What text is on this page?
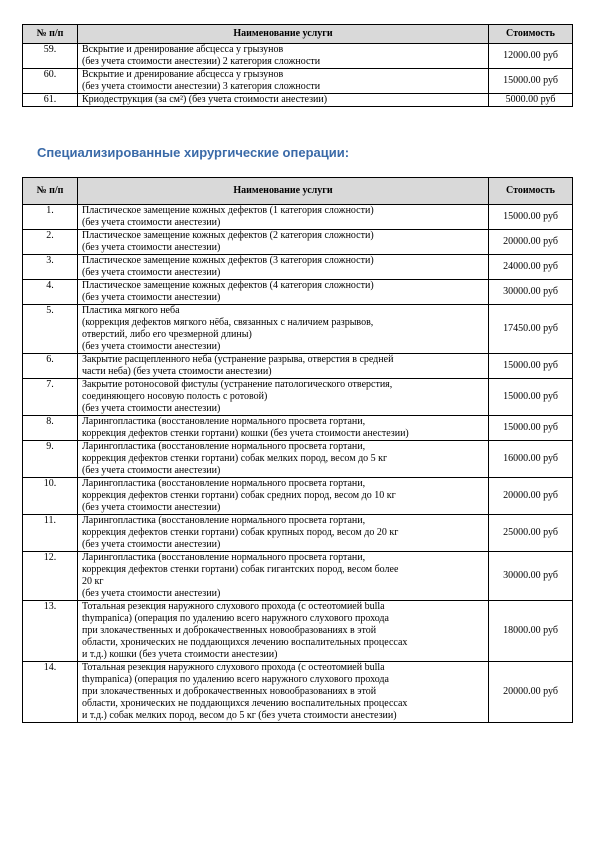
№ п/п	Наименование услуги	Стоимость
59.	Вскрытие и дренирование абсцесса у грызунов
(без учета стоимости анестезии) 2 категория сложности	12000.00 руб
60.	Вскрытие и дренирование абсцесса у грызунов
(без учета стоимости анестезии) 3 категория сложности	15000.00 руб
61.	Криодеструкция (за см²) (без учета стоимости анестезии)	5000.00 руб
Специализированные хирургические операции:
№ п/п	Наименование услуги	Стоимость
1.	Пластическое замещение кожных дефектов (1 категория сложности)
(без учета стоимости анестезии)	15000.00 руб
2.	Пластическое замещение кожных дефектов (2 категория сложности)
(без учета стоимости анестезии)	20000.00 руб
3.	Пластическое замещение кожных дефектов (3 категория сложности)
(без учета стоимости анестезии)	24000.00 руб
4.	Пластическое замещение кожных дефектов (4 категория сложности)
(без учета стоимости анестезии)	30000.00 руб
5.	Пластика мягкого неба
(коррекция дефектов мягкого нёба, связанных с наличием разрывов,
отверстий, либо его чрезмерной длины)
(без учета стоимости анестезии)	17450.00 руб
6.	Закрытие расщепленного неба (устранение разрыва, отверстия в средней
части неба) (без учета стоимости анестезии)	15000.00 руб
7.	Закрытие ротоносовой фистулы (устранение патологического отверстия,
соединяющего носовую полость с ротовой)
(без учета стоимости анестезии)	15000.00 руб
8.	Ларингопластика (восстановление нормального просвета гортани,
коррекция дефектов стенки гортани) кошки (без учета стоимости анестезии)	15000.00 руб
9.	Ларингопластика (восстановление нормального просвета гортани,
коррекция дефектов стенки гортани) собак мелких пород, весом до 5 кг
(без учета стоимости анестезии)	16000.00 руб
10.	Ларингопластика (восстановление нормального просвета гортани,
коррекция дефектов стенки гортани) собак средних пород, весом до 10 кг
(без учета стоимости анестезии)	20000.00 руб
11.	Ларингопластика (восстановление нормального просвета гортани,
коррекция дефектов стенки гортани) собак крупных пород, весом до 20 кг
(без учета стоимости анестезии)	25000.00 руб
12.	Ларингопластика (восстановление нормального просвета гортани,
коррекция дефектов стенки гортани) собак гигантских пород, весом более
20 кг
(без учета стоимости анестезии)	30000.00 руб
13.	Тотальная резекция наружного слухового прохода (с остеотомией bulla
thympanica) (операция по удалению всего наружного слухового прохода
при злокачественных и доброкачественных новообразованиях в этой
области, хронических не поддающихся лечению воспалительных процессах
и т.д.) кошки (без учета стоимости анестезии)	18000.00 руб
14.	Тотальная резекция наружного слухового прохода (с остеотомией bulla
thympanica) (операция по удалению всего наружного слухового прохода
при злокачественных и доброкачественных новообразованиях в этой
области, хронических не поддающихся лечению воспалительных процессах
и т.д.) собак мелких пород, весом до 5 кг (без учета стоимости анестезии)	20000.00 руб
